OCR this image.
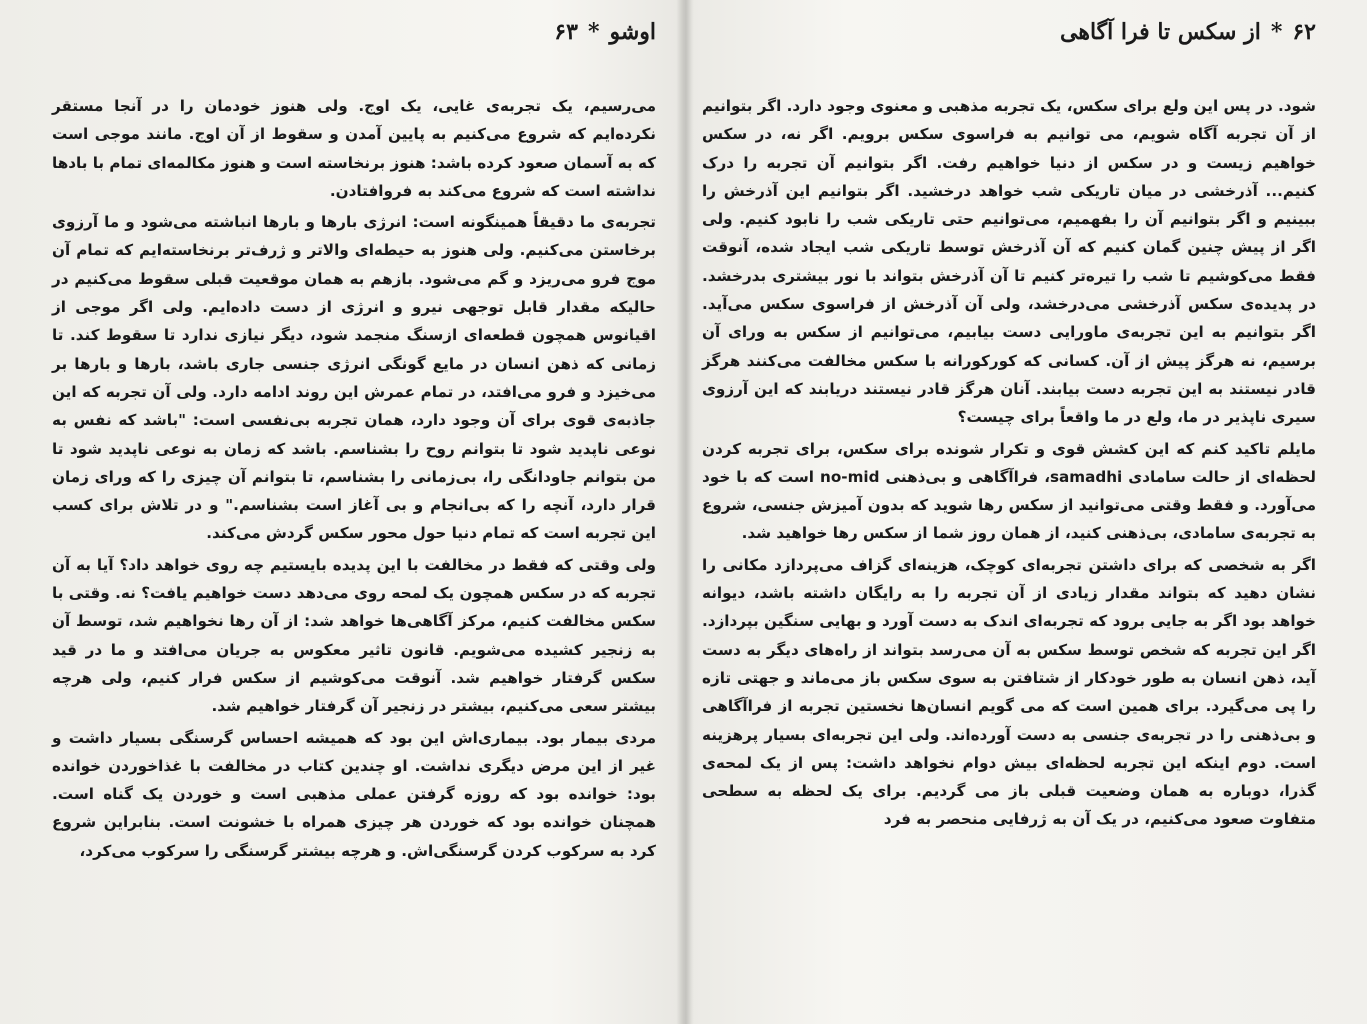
اوشو*۶۳

می‌رسیم، یک تجربه‌ی غایی، یک اوج. ولی هنوز خودمان را در آنجا مستقر نکرده‌ایم که شروع می‌کنیم به پایین آمدن و سقوط از آن اوج. مانند موجی است که به آسمان صعود کرده باشد: هنوز برنخاسته است و هنوز مکالمه‌ای تمام با بادها نداشته است که شروع می‌کند به فروافتادن.

تجربه‌ی ما دقیقاً همینگونه است: انرژی بارها و بارها انباشته می‌شود و ما آرزوی برخاستن می‌کنیم. ولی هنوز به حیطه‌ای والاتر و ژرف‌تر برنخاسته‌ایم که تمام آن موج فرو می‌ریزد و گم می‌شود. بازهم به همان موقعیت قبلی سقوط می‌کنیم در حالیکه مقدار قابل توجهی نیرو و انرژی از دست داده‌ایم. ولی اگر موجی از اقیانوس همچون قطعه‌ای ازسنگ منجمد شود، دیگر نیازی ندارد تا سقوط کند. تا زمانی که ذهن انسان در مایع گونگی انرژی جنسی جاری باشد، بارها و بارها بر می‌خیزد و فرو می‌افتد، در تمام عمرش این روند ادامه دارد. ولی آن تجربه که این جاذبه‌ی قوی برای آن وجود دارد، همان تجربه بی‌نفسی است: "باشد که نفس به نوعی ناپدید شود تا بتوانم روح را بشناسم. باشد که زمان به نوعی ناپدید شود تا من بتوانم جاودانگی را، بی‌زمانی را بشناسم، تا بتوانم آن چیزی را که ورای زمان قرار دارد، آنچه را که بی‌انجام و بی آغاز است بشناسم." و در تلاش برای کسب این تجربه است که تمام دنیا حول محور سکس گردش می‌کند.

ولی وقتی که فقط در مخالفت با این پدیده بایستیم چه روی خواهد داد؟ آیا به آن تجربه که در سکس همچون یک لمحه روی می‌دهد دست خواهیم یافت؟ نه. وقتی با سکس مخالفت کنیم، مرکز آگاهی‌ها خواهد شد: از آن رها نخواهیم شد، توسط آن به زنجیر کشیده می‌شویم. قانون تاثیر معکوس به جریان می‌افتد و ما در قید سکس گرفتار خواهیم شد. آنوقت می‌کوشیم از سکس فرار کنیم، ولی هرچه بیشتر سعی می‌کنیم، بیشتر در زنجیر آن گرفتار خواهیم شد.

مردی بیمار بود. بیماری‌اش این بود که همیشه احساس گرسنگی بسیار داشت و غیر از این مرض دیگری نداشت. او چندین کتاب در مخالفت با غذاخوردن خوانده بود: خوانده بود که روزه گرفتن عملی مذهبی است و خوردن یک گناه است. همچنان خوانده بود که خوردن هر چیزی همراه با خشونت است. بنابراین شروع کرد به سرکوب کردن گرسنگی‌اش. و هرچه بیشتر گرسنگی را سرکوب می‌کرد،

۶۲*از سکس تا فرا آگاهی

شود. در پس این ولع برای سکس، یک تجربه مذهبی و معنوی وجود دارد. اگر بتوانیم از آن تجربه آگاه شویم، می توانیم به فراسوی سکس برویم. اگر نه، در سکس خواهیم زیست و در سکس از دنیا خواهیم رفت. اگر بتوانیم آن تجربه را درک کنیم... آذرخشی در میان تاریکی شب خواهد درخشید. اگر بتوانیم این آذرخش را ببینیم و اگر بتوانیم آن را بفهمیم، می‌توانیم حتی تاریکی شب را نابود کنیم. ولی اگر از پیش چنین گمان کنیم که آن آذرخش توسط تاریکی شب ایجاد شده، آنوقت فقط می‌کوشیم تا شب را تیره‌تر کنیم تا آن آذرخش بتواند با نور بیشتری بدرخشد. در پدیده‌ی سکس آذرخشی می‌درخشد، ولی آن آذرخش از فراسوی سکس می‌آید. اگر بتوانیم به این تجربه‌ی ماورایی دست بیابیم، می‌توانیم از سکس به ورای آن برسیم، نه هرگز پیش از آن. کسانی که کورکورانه با سکس مخالفت می‌کنند هرگز قادر نیستند به این تجربه دست بیابند. آنان هرگز قادر نیستند دریابند که این آرزوی سیری ناپذیر در ما، ولع در ما واقعاً برای چیست؟

مایلم تاکید کنم که این کشش قوی و تکرار شونده برای سکس، برای تجربه کردن لحظه‌ای از حالت سامادی samadhi، فراآگاهی و بی‌ذهنی no-mid است که با خود می‌آورد. و فقط وقتی می‌توانید از سکس رها شوید که بدون آمیزش جنسی، شروع به تجربه‌ی سامادی، بی‌ذهنی کنید، از همان روز شما از سکس رها خواهید شد.

اگر به شخصی که برای داشتن تجربه‌ای کوچک، هزینه‌ای گزاف می‌پردازد مکانی را نشان دهید که بتواند مقدار زیادی از آن تجربه را به رایگان داشته باشد، دیوانه خواهد بود اگر به جایی برود که تجربه‌ای اندک به دست آورد و بهایی سنگین بپردازد. اگر این تجربه که شخص توسط سکس به آن می‌رسد بتواند از راه‌های دیگر به دست آید، ذهن انسان به طور خودکار از شتافتن به سوی سکس باز می‌ماند و جهتی تازه را پی می‌گیرد. برای همین است که می گویم انسان‌ها نخستین تجربه از فراآگاهی و بی‌ذهنی را در تجربه‌ی جنسی به دست آورده‌اند. ولی این تجربه‌ای بسیار پرهزینه است. دوم اینکه این تجربه لحظه‌ای بیش دوام نخواهد داشت: پس از یک لمحه‌ی گذرا، دوباره به همان وضعیت قبلی باز می گردیم. برای یک لحظه به سطحی متفاوت صعود می‌کنیم، در یک آن به ژرفایی منحصر به فرد
